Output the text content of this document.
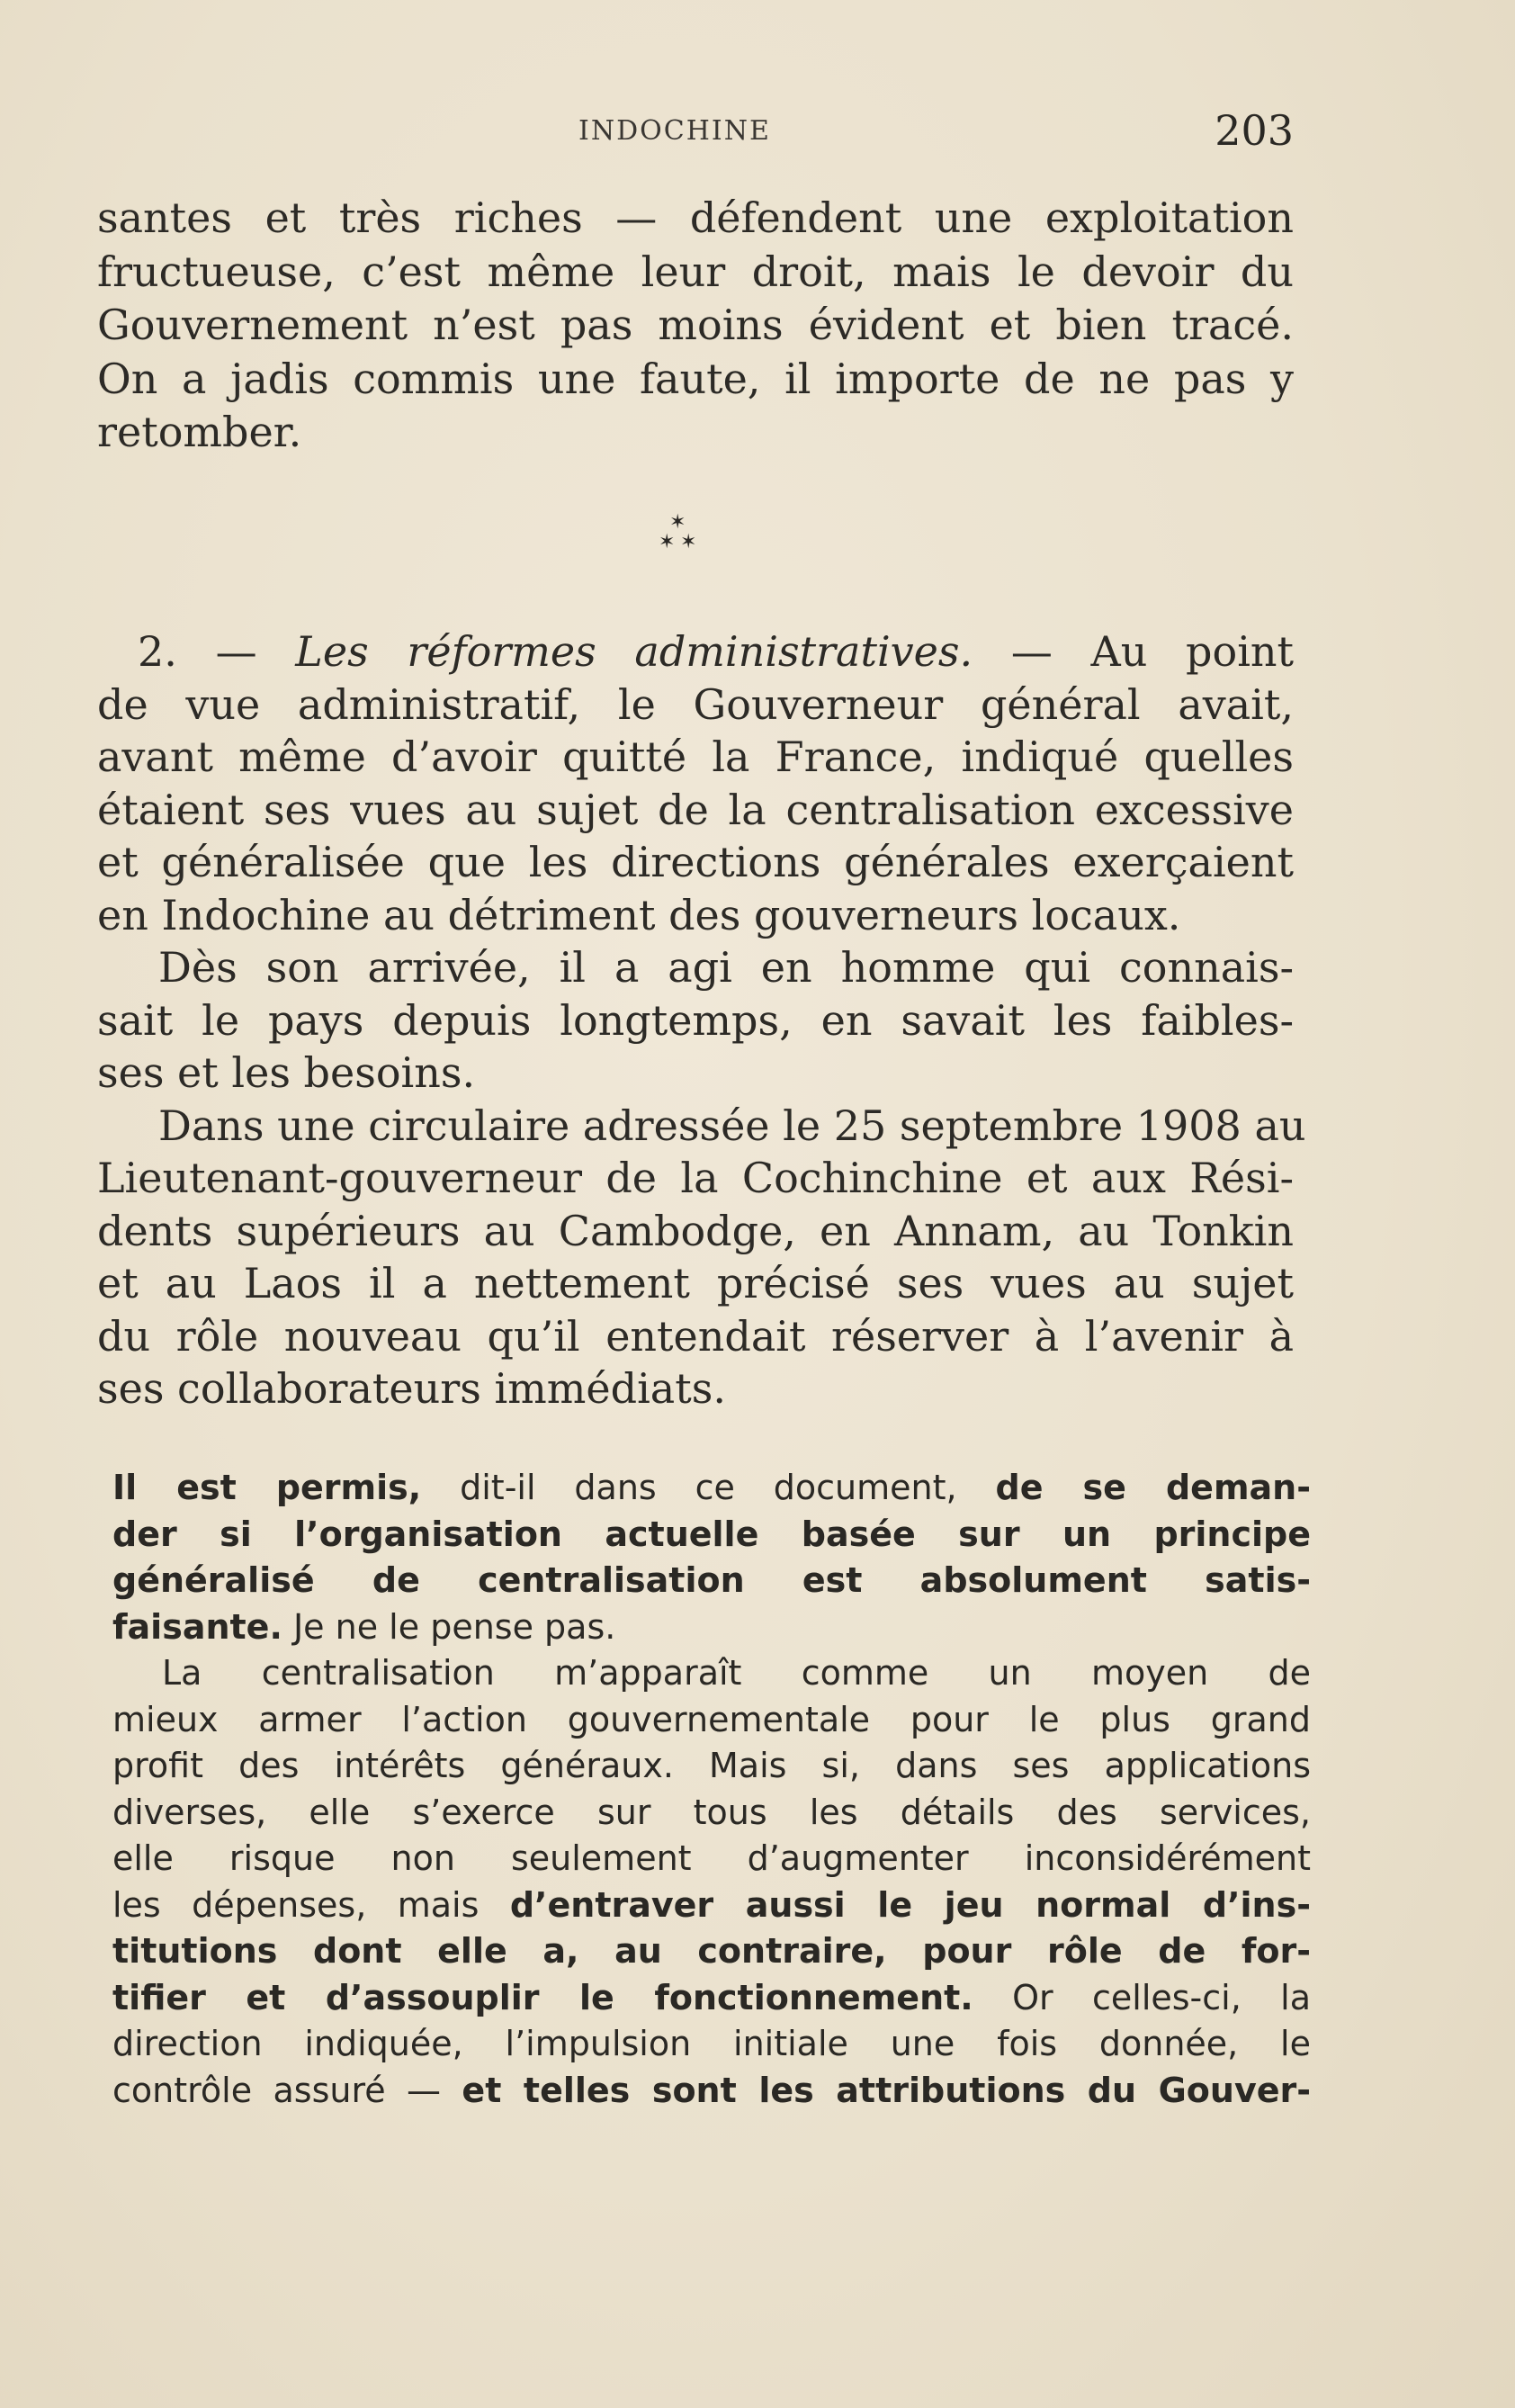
INDOCHINE	203
santes et très riches — défendent une exploitation
fructueuse, c’est même leur droit, mais le devoir du
Gouvernement n’est pas moins évident et bien tracé.
On a jadis commis une faute, il importe de ne pas y
retomber.
✶
✶ ✶
2. — Les réformes administratives. — Au point
de vue administratif, le Gouverneur général avait,
avant même d’avoir quitté la France, indiqué quelles
étaient ses vues au sujet de la centralisation excessive
et généralisée que les directions générales exerçaient
en Indochine au détriment des gouverneurs locaux.
Dès son arrivée, il a agi en homme qui connais-
sait le pays depuis longtemps, en savait les faibles-
ses et les besoins.
Dans une circulaire adressée le 25 septembre 1908 au
Lieutenant-gouverneur de la Cochinchine et aux Rési-
dents supérieurs au Cambodge, en Annam, au Tonkin
et au Laos il a nettement précisé ses vues au sujet
du rôle nouveau qu’il entendait réserver à l’avenir à
ses collaborateurs immédiats.
Il est permis, dit-il dans ce document, de se deman-
der si l’organisation actuelle basée sur un principe
généralisé de centralisation est absolument satis-
faisante. Je ne le pense pas.
La centralisation m’apparaît comme un moyen de
mieux armer l’action gouvernementale pour le plus grand
profit des intérêts généraux. Mais si, dans ses applications
diverses, elle s’exerce sur tous les détails des services,
elle risque non seulement d’augmenter inconsidérément
les dépenses, mais d’entraver aussi le jeu normal d’ins-
titutions dont elle a, au contraire, pour rôle de for-
tifier et d’assouplir le fonctionnement. Or celles-ci, la
direction indiquée, l’impulsion initiale une fois donnée, le
contrôle assuré — et telles sont les attributions du Gouver-
